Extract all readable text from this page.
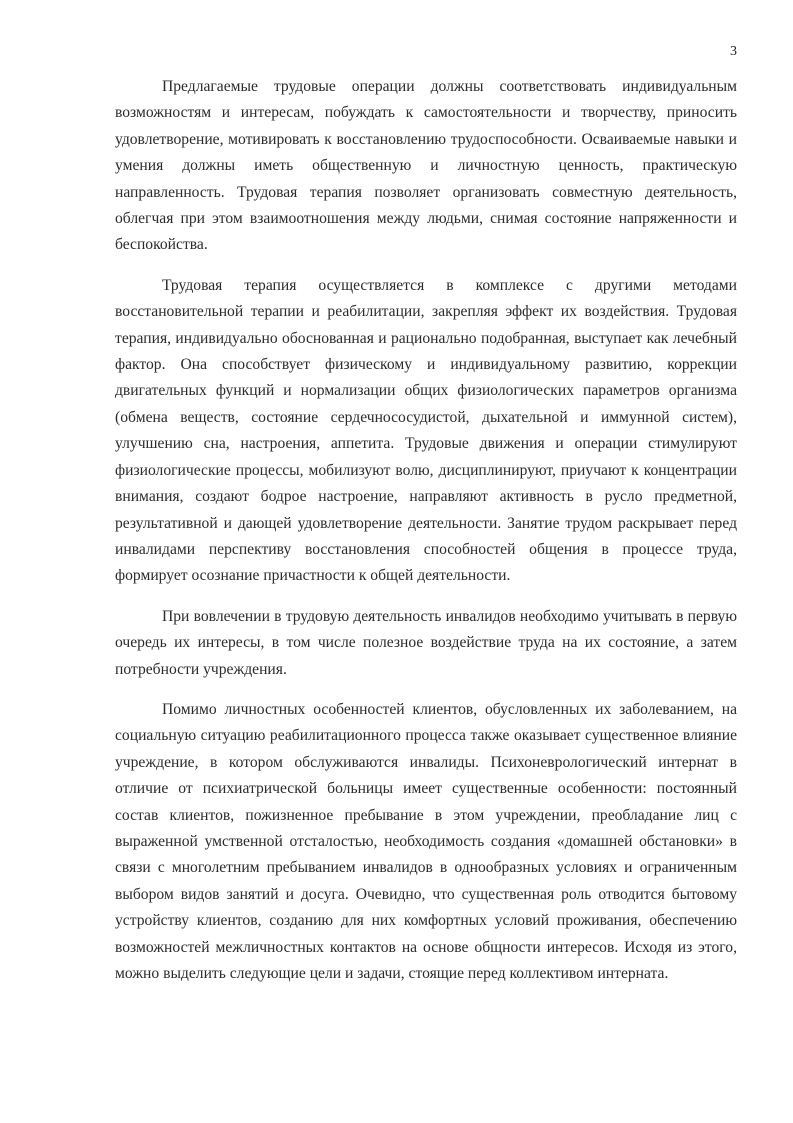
3

Предлагаемые трудовые операции должны соответствовать индивидуальным возможностям и интересам, побуждать к самостоятельности и творчеству, приносить удовлетворение, мотивировать к восстановлению трудоспособности. Осваиваемые навыки и умения должны иметь общественную и личностную ценность, практическую направленность. Трудовая терапия позволяет организовать совместную деятельность, облегчая при этом взаимоотношения между людьми, снимая состояние напряженности и беспокойства.

Трудовая терапия осуществляется в комплексе с другими методами восстановительной терапии и реабилитации, закрепляя эффект их воздействия. Трудовая терапия, индивидуально обоснованная и рационально подобранная, выступает как лечебный фактор. Она способствует физическому и индивидуальному развитию, коррекции двигательных функций и нормализации общих физиологических параметров организма (обмена веществ, состояние сердечнососудистой, дыхательной и иммунной систем), улучшению сна, настроения, аппетита. Трудовые движения и операции стимулируют физиологические процессы, мобилизуют волю, дисциплинируют, приучают к концентрации внимания, создают бодрое настроение, направляют активность в русло предметной, результативной и дающей удовлетворение деятельности. Занятие трудом раскрывает перед инвалидами перспективу восстановления способностей общения в процессе труда, формирует осознание причастности к общей деятельности.

При вовлечении в трудовую деятельность инвалидов необходимо учитывать в первую очередь их интересы, в том числе полезное воздействие труда на их состояние, а затем потребности учреждения.

Помимо личностных особенностей клиентов, обусловленных их заболеванием, на социальную ситуацию реабилитационного процесса также оказывает существенное влияние учреждение, в котором обслуживаются инвалиды. Психоневрологический интернат в отличие от психиатрической больницы имеет существенные особенности: постоянный состав клиентов, пожизненное пребывание в этом учреждении, преобладание лиц с выраженной умственной отсталостью, необходимость создания «домашней обстановки» в связи с многолетним пребыванием инвалидов в однообразных условиях и ограниченным выбором видов занятий и досуга. Очевидно, что существенная роль отводится бытовому устройству клиентов, созданию для них комфортных условий проживания, обеспечению возможностей межличностных контактов на основе общности интересов. Исходя из этого, можно выделить следующие цели и задачи, стоящие перед коллективом интерната.
